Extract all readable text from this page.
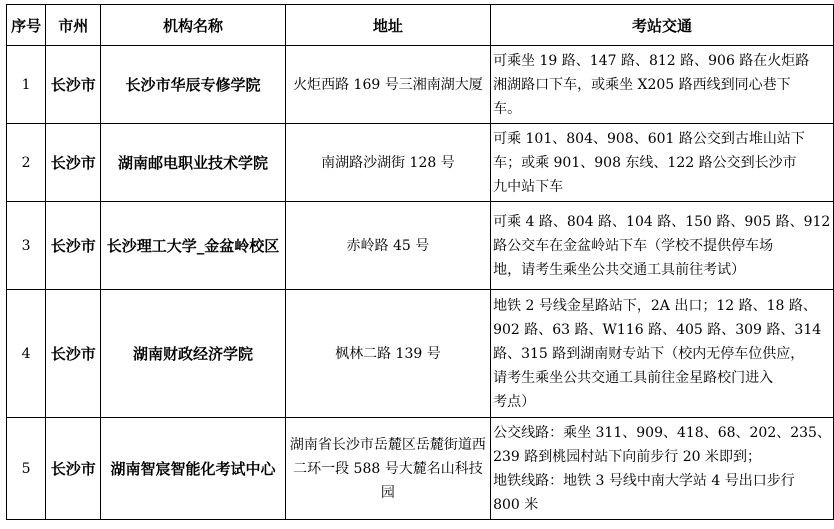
序号	市州	机构名称	地址	考站交通
1	长沙市	长沙市华辰专修学院	火炬西路 169 号三湘南湖大厦	可乘坐 19 路、147 路、812 路、906 路在火炬路
湘湖路口下车，或乘坐 X205 路西线到同心巷下
车。

2	长沙市	湖南邮电职业技术学院	南湖路沙湖街 128 号	可乘 101、804、908、601 路公交到古堆山站下
车；或乘 901、908 东线、122 路公交到长沙市
九中站下车

3	长沙市	长沙理工大学_金盆岭校区	赤岭路 45 号	可乘 4 路、804 路、104 路、150 路、905 路、912
路公交车在金盆岭站下车（学校不提供停车场
地，请考生乘坐公共交通工具前往考试）

4	长沙市	湖南财政经济学院	枫林二路 139 号	地铁 2 号线金星路站下，2A 出口；12 路、18 路、
902 路、63 路、W116 路、405 路、309 路、314
路、315 路到湖南财专站下（校内无停车位供应，
请考生乘坐公共交通工具前往金星路校门进入
考点）

5	长沙市	湖南智宸智能化考试中心	湖南省长沙市岳麓区岳麓街道西二环一段 588 号大麓名山科技园	公交线路：乘坐 311、909、418、68、202、235、
239 路到桃园村站下向前步行 20 米即到；
地铁线路：地铁 3 号线中南大学站 4 号出口步行
800 米
